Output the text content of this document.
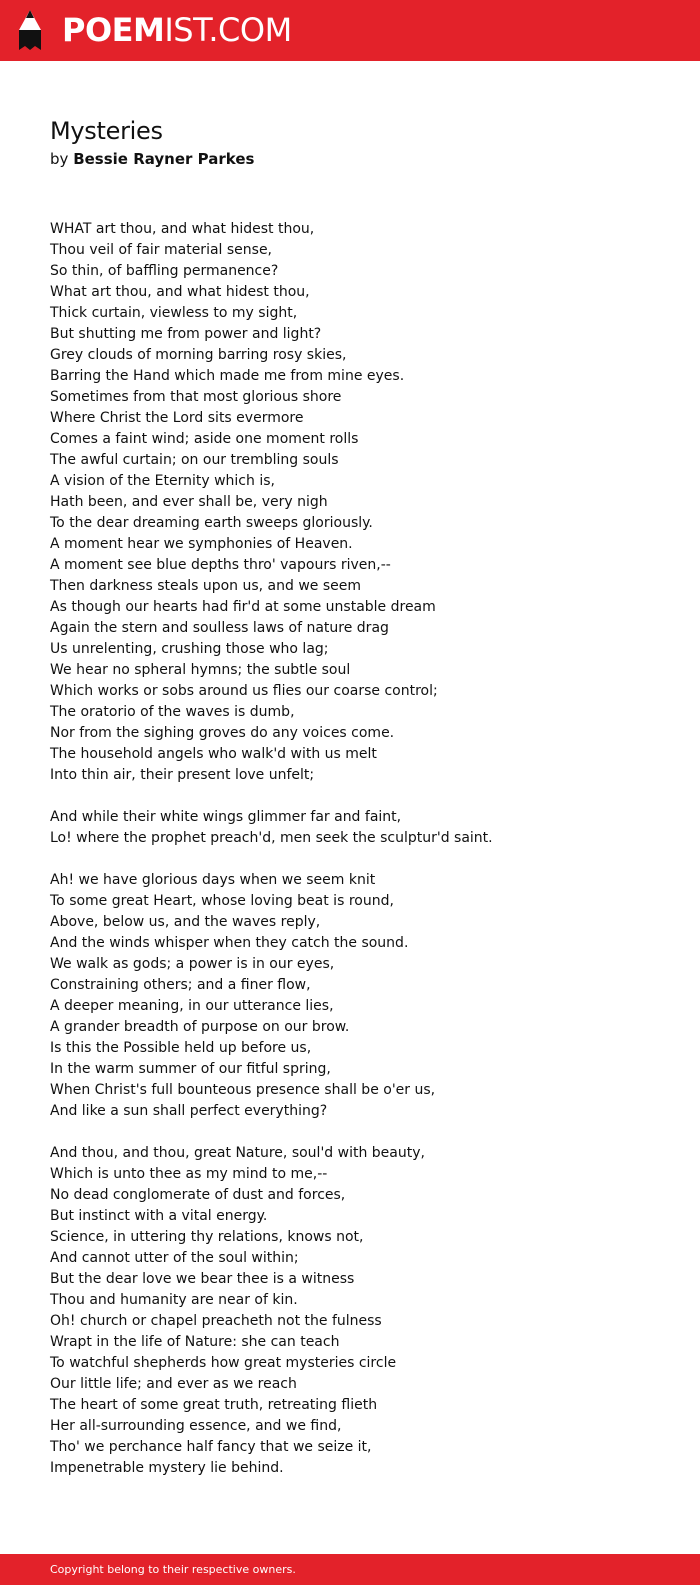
POEMIST.COM
Mysteries
by Bessie Rayner Parkes
WHAT art thou, and what hidest thou,
Thou veil of fair material sense,
So thin, of baffling permanence?
What art thou, and what hidest thou,
Thick curtain, viewless to my sight,
But shutting me from power and light?
Grey clouds of morning barring rosy skies,
Barring the Hand which made me from mine eyes.
Sometimes from that most glorious shore
Where Christ the Lord sits evermore
Comes a faint wind; aside one moment rolls
The awful curtain; on our trembling souls
A vision of the Eternity which is,
Hath been, and ever shall be, very nigh
To the dear dreaming earth sweeps gloriously.
A moment hear we symphonies of Heaven.
A moment see blue depths thro' vapours riven,--
Then darkness steals upon us, and we seem
As though our hearts had fir'd at some unstable dream
Again the stern and soulless laws of nature drag
Us unrelenting, crushing those who lag;
We hear no spheral hymns; the subtle soul
Which works or sobs around us flies our coarse control;
The oratorio of the waves is dumb,
Nor from the sighing groves do any voices come.
The household angels who walk'd with us melt
Into thin air, their present love unfelt;
And while their white wings glimmer far and faint,
Lo! where the prophet preach'd, men seek the sculptur'd saint.
Ah! we have glorious days when we seem knit
To some great Heart, whose loving beat is round,
Above, below us, and the waves reply,
And the winds whisper when they catch the sound.
We walk as gods; a power is in our eyes,
Constraining others; and a finer flow,
A deeper meaning, in our utterance lies,
A grander breadth of purpose on our brow.
Is this the Possible held up before us,
In the warm summer of our fitful spring,
When Christ's full bounteous presence shall be o'er us,
And like a sun shall perfect everything?
And thou, and thou, great Nature, soul'd with beauty,
Which is unto thee as my mind to me,--
No dead conglomerate of dust and forces,
But instinct with a vital energy.
Science, in uttering thy relations, knows not,
And cannot utter of the soul within;
But the dear love we bear thee is a witness
Thou and humanity are near of kin.
Oh! church or chapel preacheth not the fulness
Wrapt in the life of Nature: she can teach
To watchful shepherds how great mysteries circle
Our little life; and ever as we reach
The heart of some great truth, retreating flieth
Her all-surrounding essence, and we find,
Tho' we perchance half fancy that we seize it,
Impenetrable mystery lie behind.
Copyright belong to their respective owners.
